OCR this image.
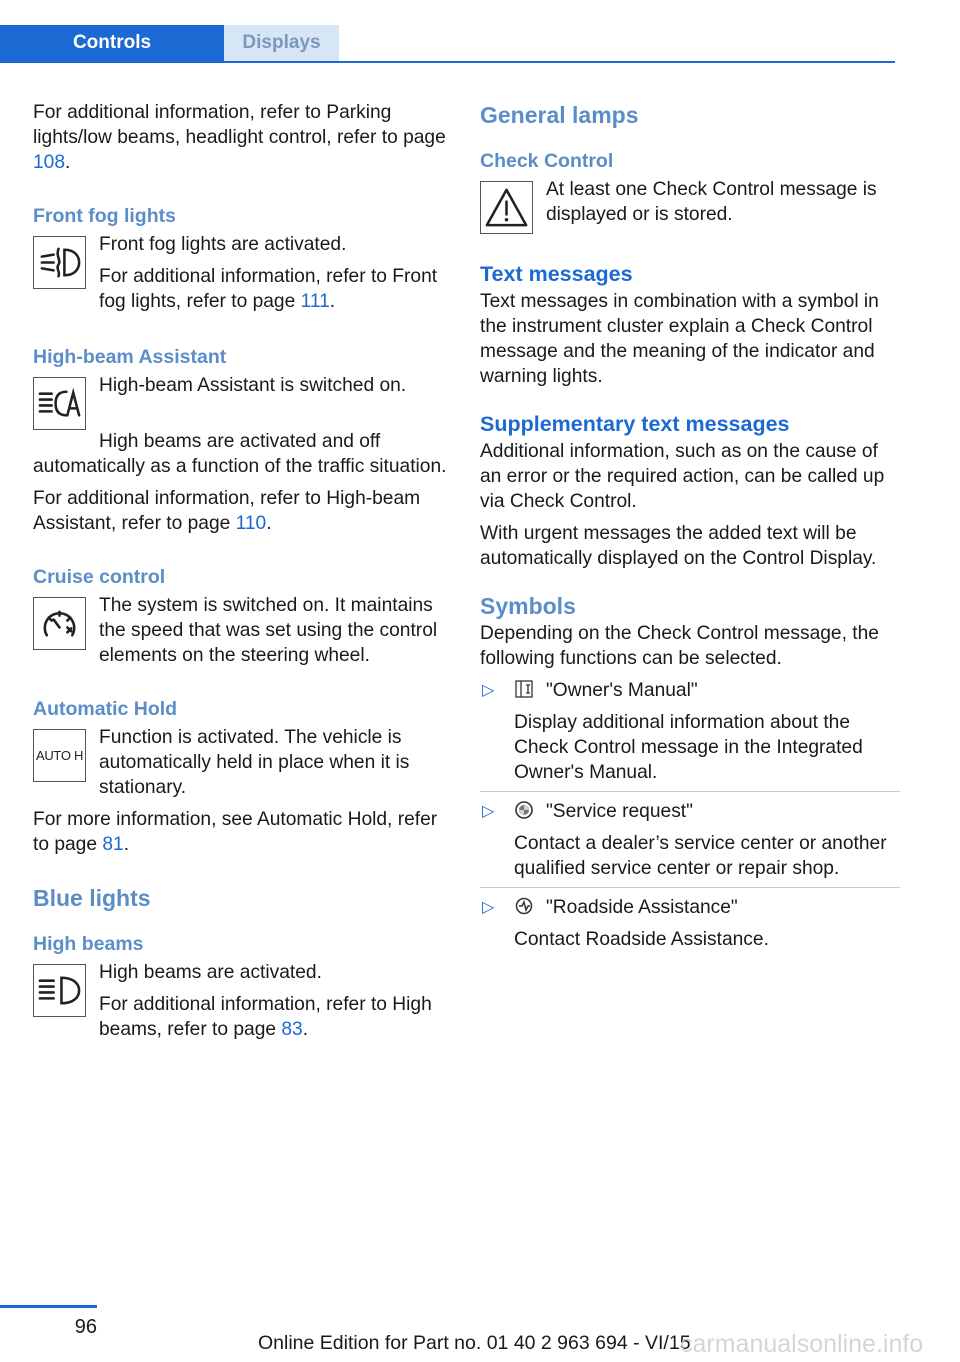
Controls	Displays

For additional information, refer to Parking lights/low beams, headlight control, refer to page 108.

Front fog lights

Front fog lights are activated.

For additional information, refer to Front fog lights, refer to page 111.

High-beam Assistant

High-beam Assistant is switched on.

High beams are activated and off automatically as a function of the traffic situation.

For additional information, refer to High-beam Assistant, refer to page 110.

Cruise control

The system is switched on. It maintains the speed that was set using the control elements on the steering wheel.

Automatic Hold
AUTO H

Function is activated. The vehicle is automatically held in place when it is stationary.

For more information, see Automatic Hold, refer to page 81.

Blue lights
High beams

High beams are activated.

For additional information, refer to High beams, refer to page 83.

General lamps
Check Control

At least one Check Control message is displayed or is stored.

Text messages

Text messages in combination with a symbol in the instrument cluster explain a Check Control message and the meaning of the indicator and warning lights.

Supplementary text messages

Additional information, such as on the cause of an error or the required action, can be called up via Check Control.

With urgent messages the added text will be automatically displayed on the Control Display.

Symbols

Depending on the Check Control message, the following functions can be selected.

▷	"Owner's Manual"

Display additional information about the Check Control message in the Integrated Owner's Manual.

▷	"Service request"

Contact a dealer’s service center or another qualified service center or repair shop.

▷	"Roadside Assistance"

Contact Roadside Assistance.

96
Online Edition for Part no. 01 40 2 963 694 - VI/15
carmanualsonline.info
